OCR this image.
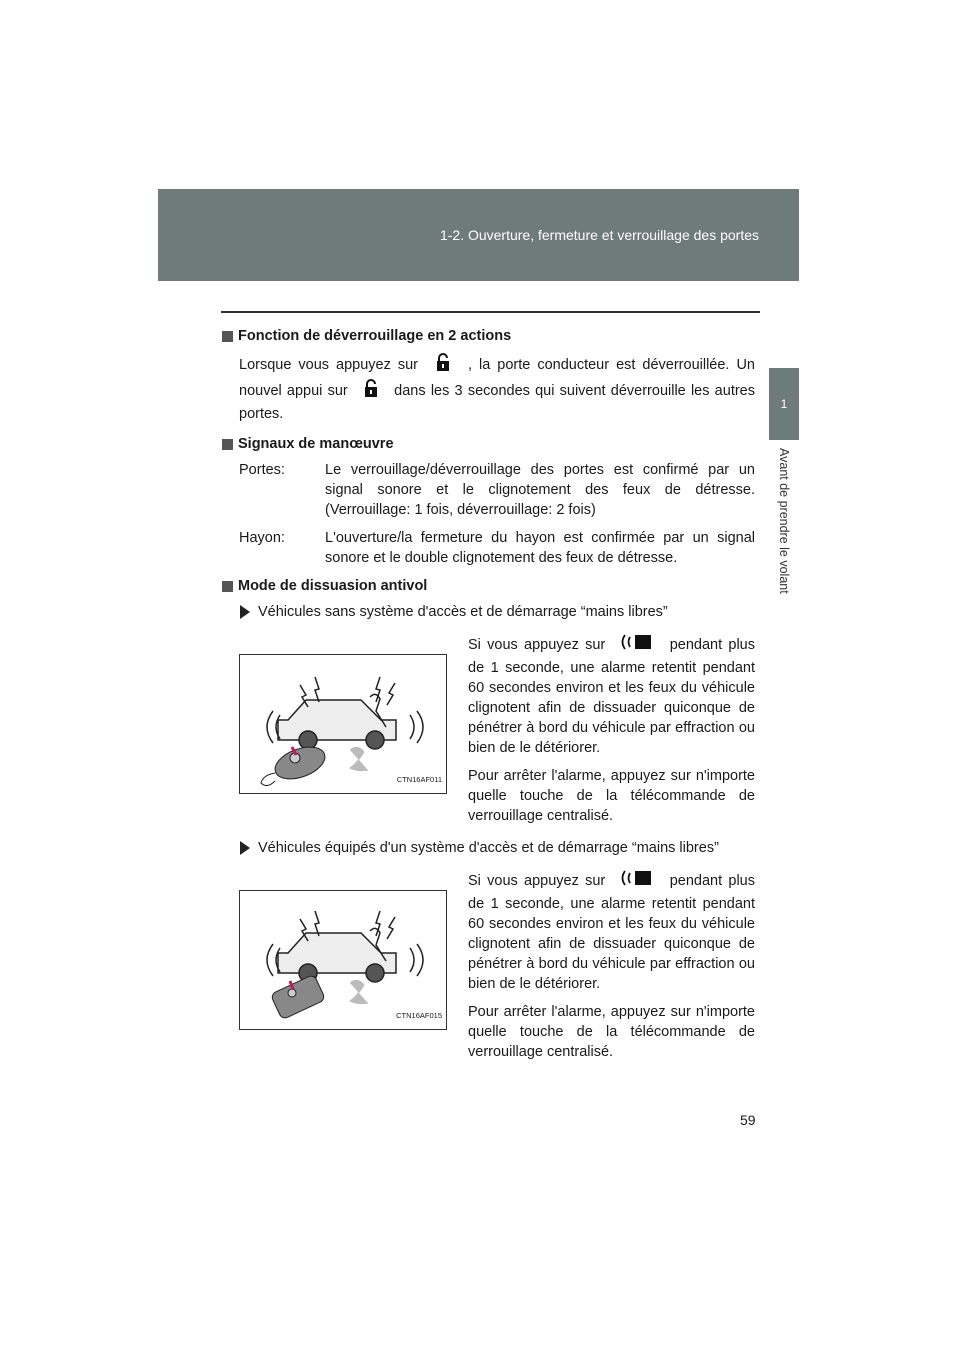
1-2. Ouverture, fermeture et verrouillage des portes
1
Avant de prendre le volant
Fonction de déverrouillage en 2 actions
Lorsque vous appuyez sur	, la porte conducteur est déverrouillée. Un nouvel appui sur	dans les 3 secondes qui suivent déverrouille les autres portes.
Signaux de manœuvre
Portes:	Le verrouillage/déverrouillage des portes est confirmé par un signal sonore et le clignotement des feux de détresse. (Verrouillage: 1 fois, déverrouillage: 2 fois)
Hayon:	L'ouverture/la fermeture du hayon est confirmée par un signal sonore et le double clignotement des feux de détresse.
Mode de dissuasion antivol
Véhicules sans système d'accès et de démarrage “mains libres”
CTN16AF011
Si vous appuyez sur	pendant plus de 1 seconde, une alarme retentit pendant 60 secondes environ et les feux du véhicule clignotent afin de dissuader quiconque de pénétrer à bord du véhicule par effraction ou bien de le détériorer.
Pour arrêter l'alarme, appuyez sur n'importe quelle touche de la télécommande de verrouillage centralisé.
Véhicules équipés d'un système d'accès et de démarrage “mains libres”
CTN16AF015
Si vous appuyez sur	pendant plus de 1 seconde, une alarme retentit pendant 60 secondes environ et les feux du véhicule clignotent afin de dissuader quiconque de pénétrer à bord du véhicule par effraction ou bien de le détériorer.
Pour arrêter l'alarme, appuyez sur n'importe quelle touche de la télécommande de verrouillage centralisé.
59
